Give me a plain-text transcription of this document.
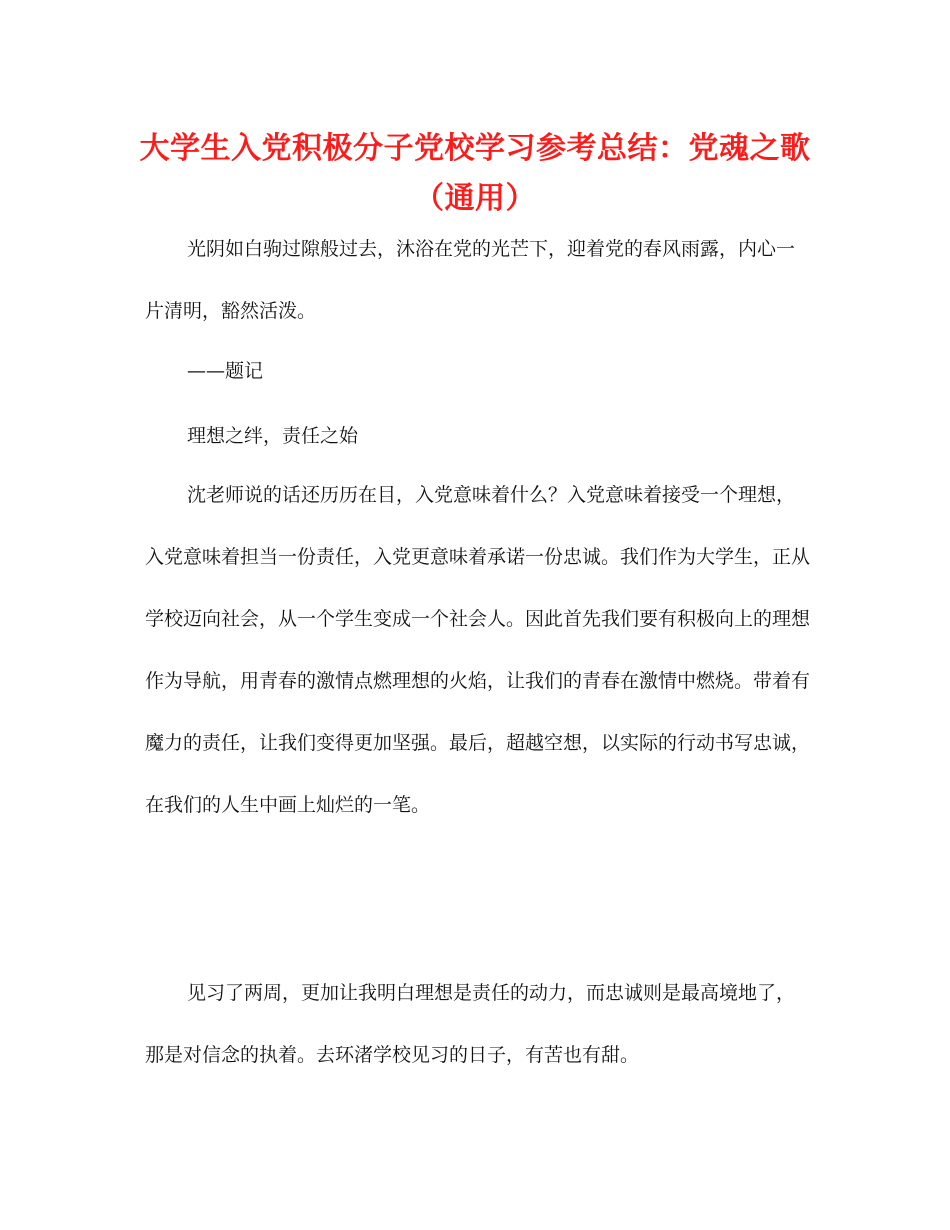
大学生入党积极分子党校学习参考总结：党魂之歌（通用）

光阴如白驹过隙般过去，沐浴在党的光芒下，迎着党的春风雨露，内心一片清明，豁然活泼。

——题记

理想之绊，责任之始

沈老师说的话还历历在目，入党意味着什么？入党意味着接受一个理想，入党意味着担当一份责任，入党更意味着承诺一份忠诚。我们作为大学生，正从学校迈向社会，从一个学生变成一个社会人。因此首先我们要有积极向上的理想作为导航，用青春的激情点燃理想的火焰，让我们的青春在激情中燃烧。带着有魔力的责任，让我们变得更加坚强。最后，超越空想，以实际的行动书写忠诚，在我们的人生中画上灿烂的一笔。

见习了两周，更加让我明白理想是责任的动力，而忠诚则是最高境地了，那是对信念的执着。去环渚学校见习的日子，有苦也有甜。
